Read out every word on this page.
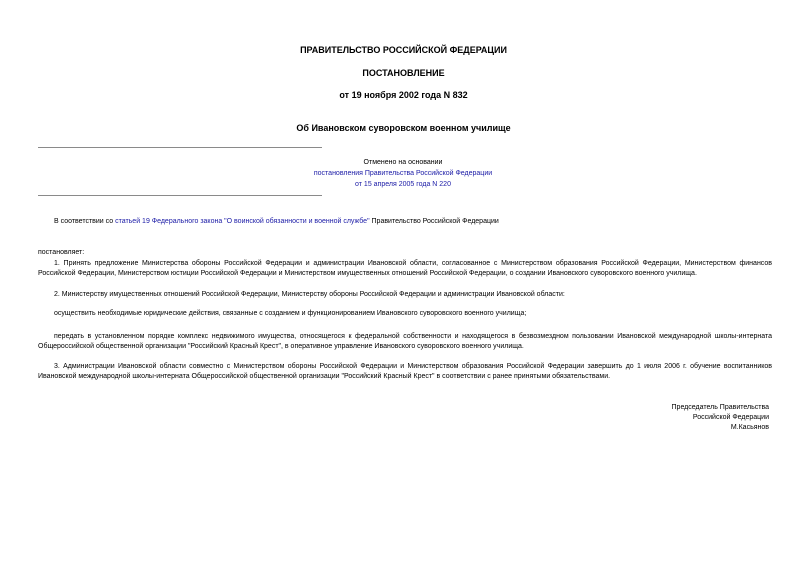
ПРАВИТЕЛЬСТВО РОССИЙСКОЙ ФЕДЕРАЦИИ
ПОСТАНОВЛЕНИЕ
от 19 ноября 2002 года N 832
Об Ивановском суворовском военном училище
Отменено на основании
постановления Правительства Российской Федерации
от 15 апреля 2005 года N 220
В соответствии со статьей 19 Федерального закона "О воинской обязанности и военной службе" Правительство Российской Федерации
постановляет:
1. Принять предложение Министерства обороны Российской Федерации и администрации Ивановской области, согласованное с Министерством образования Российской Федерации, Министерством финансов Российской Федерации, Министерством юстиции Российской Федерации и Министерством имущественных отношений Российской Федерации, о создании Ивановского суворовского военного училища.
2. Министерству имущественных отношений Российской Федерации, Министерству обороны Российской Федерации и администрации Ивановской области:
осуществить необходимые юридические действия, связанные с созданием и функционированием Ивановского суворовского военного училища;
передать в установленном порядке комплекс недвижимого имущества, относящегося к федеральной собственности и находящегося в безвозмездном пользовании Ивановской международной школы-интерната Общероссийской общественной организации "Российский Красный Крест", в оперативное управление Ивановского суворовского военного училища.
3. Администрации Ивановской области совместно с Министерством обороны Российской Федерации и Министерством образования Российской Федерации завершить до 1 июля 2006 г. обучение воспитанников Ивановской международной школы-интерната Общероссийской общественной организации "Российский Красный Крест" в соответствии с ранее принятыми обязательствами.
Председатель Правительства
Российской Федерации
М.Касьянов
